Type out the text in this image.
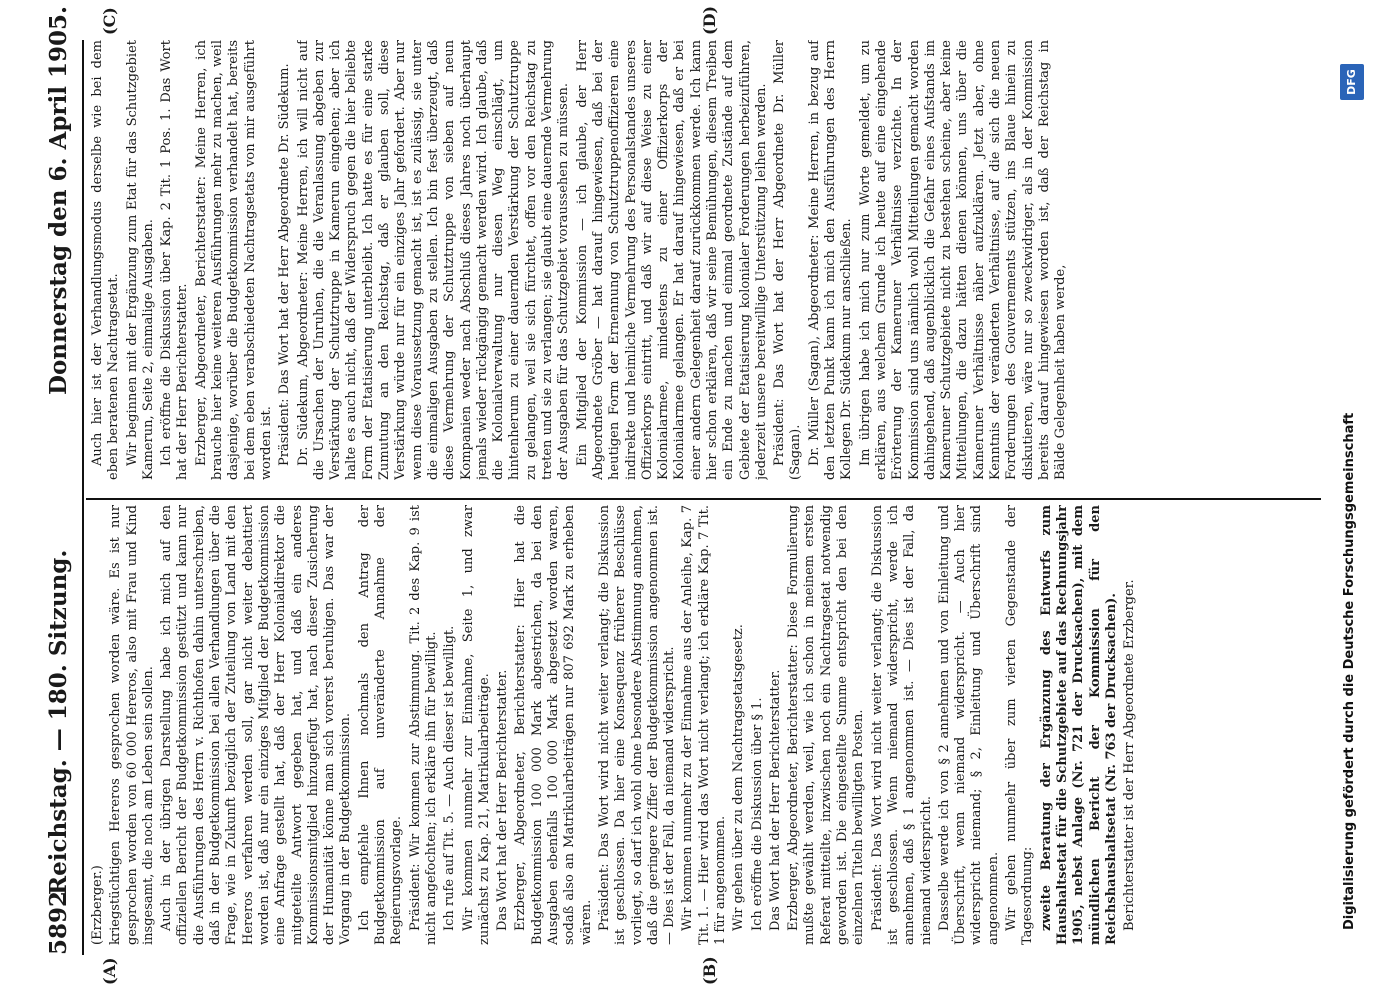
5892
Reichstag. — 180. Sitzung.
Donnerstag den 6. April 1905.
(A)	(B)
(C)	(D)

(Erzberger.) kriegstüchtigen Hereros gesprochen worden wäre. Es ist nur gesprochen worden von 60 000 Hereros, also mit Frau und Kind insgesamt, die noch am Leben sein sollen. Auch in der übrigen Darstellung habe ich mich auf den offiziellen Bericht der Budgetkommission gestützt und kann nur die Ausführungen des Herrn v. Richthofen dahin unterschreiben, daß in der Budgetkommission bei allen Verhandlungen über die Frage, wie in Zukunft bezüglich der Zuteilung von Land mit den Hereros verfahren werden soll, gar nicht weiter debattiert worden ist, daß nur ein einziges Mitglied der Budgetkommission eine Anfrage gestellt hat, daß der Herr Kolonialdirektor die mitgeteilte Antwort gegeben hat, und daß ein anderes Kommissionsmitglied hinzugefügt hat, nach dieser Zusicherung der Humanität könne man sich vorerst beruhigen. Das war der Vorgang in der Budgetkommission. Ich empfehle Ihnen nochmals den Antrag der Budgetkommission auf unveränderte Annahme der Regierungsvorlage. Präsident: Wir kommen zur Abstimmung. Tit. 2 des Kap. 9 ist nicht angefochten; ich erkläre ihn für bewilligt. Ich rufe auf Tit. 5. — Auch dieser ist bewilligt. Wir kommen nunmehr zur Einnahme, Seite 1, und zwar zunächst zu Kap. 21, Matrikularbeiträge. Das Wort hat der Herr Berichterstatter. Erzberger, Abgeordneter, Berichterstatter: Hier hat die Budgetkommission 100 000 Mark abgestrichen, da bei den Ausgaben ebenfalls 100 000 Mark abgesetzt worden waren, sodaß also an Matrikularbeiträgen nur 807 692 Mark zu erheben wären. Präsident: Das Wort wird nicht weiter verlangt; die Diskussion ist geschlossen. Da hier eine Konsequenz früherer Beschlüsse vorliegt, so darf ich wohl ohne besondere Abstimmung annehmen, daß die geringere Ziffer der Budgetkommission angenommen ist. — Dies ist der Fall, da niemand widerspricht. Wir kommen nunmehr zu der Einnahme aus der Anleihe, Kap. 7 Tit. 1. — Hier wird das Wort nicht verlangt; ich erkläre Kap. 7 Tit. 1 für angenommen. Wir gehen über zu dem Nachtragsetatsgesetz. Ich eröffne die Diskussion über § 1. Das Wort hat der Herr Berichterstatter. Erzberger, Abgeordneter, Berichterstatter: Diese Formulierung mußte gewählt werden, weil, wie ich schon in meinem ersten Referat mitteilte, inzwischen noch ein Nachtragsetat notwendig geworden ist. Die eingestellte Summe entspricht den bei den einzelnen Titeln bewilligten Posten. Präsident: Das Wort wird nicht weiter verlangt; die Diskussion ist geschlossen. Wenn niemand widerspricht, werde ich annehmen, daß § 1 angenommen ist. — Dies ist der Fall, da niemand widerspricht. Dasselbe werde ich von § 2 annehmen und von Einleitung und Überschrift, wenn niemand widerspricht. — Auch hier widerspricht niemand; § 2, Einleitung und Überschrift sind angenommen. Wir gehen nunmehr über zum vierten Gegenstande der Tagesordnung: zweite Beratung der Ergänzung des Entwurfs zum Haushaltsetat für die Schutzgebiete auf das Rechnungsjahr 1905, nebst Anlage (Nr. 721 der Drucksachen), mit dem mündlichen Bericht der Kommission für den Reichshaushaltsetat (Nr. 763 der Drucksachen). Berichterstatter ist der Herr Abgeordnete Erzberger.

Auch hier ist der Verhandlungsmodus derselbe wie bei dem eben beratenen Nachtragsetat. Wir beginnen mit der Ergänzung zum Etat für das Schutzgebiet Kamerun, Seite 2, einmalige Ausgaben. Ich eröffne die Diskussion über Kap. 2 Tit. 1 Pos. 1. Das Wort hat der Herr Berichterstatter. Erzberger, Abgeordneter, Berichterstatter: Meine Herren, ich brauche hier keine weiteren Ausführungen mehr zu machen, weil dasjenige, worüber die Budgetkommission verhandelt hat, bereits bei dem eben verabschiedeten Nachtragsetats von mir ausgeführt worden ist. Präsident: Das Wort hat der Herr Abgeordnete Dr. Südekum. Dr. Südekum, Abgeordneter: Meine Herren, ich will nicht auf die Ursachen der Unruhen, die die Veranlassung abgeben zur Verstärkung der Schutztruppe in Kamerun eingehen; aber ich halte es auch nicht, daß der Widerspruch gegen die hier beliebte Form der Etatisierung unterbleibt. Ich hatte es für eine starke Zumutung an den Reichstag, daß er glauben soll, diese Verstärkung würde nur für ein einziges Jahr gefordert. Aber nur wenn diese Voraussetzung gemacht ist, ist es zulässig, sie unter die einmaligen Ausgaben zu stellen. Ich bin fest überzeugt, daß diese Vermehrung der Schutztruppe von sieben auf neun Kompanien weder nach Abschluß dieses Jahres noch überhaupt jemals wieder rückgängig gemacht werden wird. Ich glaube, daß die Kolonialverwaltung nur diesen Weg einschlägt, um hintenherum zu einer dauernden Verstärkung der Schutztruppe zu gelangen, weil sie sich fürchtet, offen vor den Reichstag zu treten und sie zu verlangen; sie glaubt eine dauernde Vermehrung der Ausgaben für das Schutzgebiet voraussehen zu müssen. Ein Mitglied der Kommission — ich glaube, der Herr Abgeordnete Gröber — hat darauf hingewiesen, daß bei der heutigen Form der Ernennung von Schutztruppenoffizieren eine indirekte und heimliche Vermehrung des Personalstandes unseres Offizierkorps eintritt, und daß wir auf diese Weise zu einer Kolonialarmee, mindestens zu einer Offizierkorps der Kolonialarmee gelangen. Er hat darauf hingewiesen, daß er bei einer andern Gelegenheit darauf zurückkommen werde. Ich kann hier schon erklären, daß wir seine Bemühungen, diesem Treiben ein Ende zu machen und einmal geordnete Zustände auf dem Gebiete der Etatisierung kolonialer Forderungen herbeizuführen, jederzeit unsere bereitwillige Unterstützung leihen werden. Präsident: Das Wort hat der Herr Abgeordnete Dr. Müller (Sagan). Dr. Müller (Sagan), Abgeordneter: Meine Herren, in bezug auf den letzten Punkt kann ich mich den Ausführungen des Herrn Kollegen Dr. Südekum nur anschließen. Im übrigen habe ich mich nur zum Worte gemeldet, um zu erklären, aus welchem Grunde ich heute auf eine eingehende Erörterung der Kameruner Verhältnisse verzichte. In der Kommission sind uns nämlich wohl Mitteilungen gemacht worden dahingehend, daß augenblicklich die Gefahr eines Aufstands im Kameruner Schutzgebiete nicht zu bestehen scheine, aber keine Mitteilungen, die dazu hätten dienen können, uns über die Kameruner Verhältnisse näher aufzuklären. Jetzt aber, ohne Kenntnis der veränderten Verhältnisse, auf die sich die neuen Forderungen des Gouvernements stützen, ins Blaue hinein zu diskutieren, wäre nur so zweckwidriger, als in der Kommission bereits darauf hingewiesen worden ist, daß der Reichstag in Bälde Gelegenheit haben werde,

Digitalisierung gefördert durch die Deutsche Forschungsgemeinschaft
DFG
